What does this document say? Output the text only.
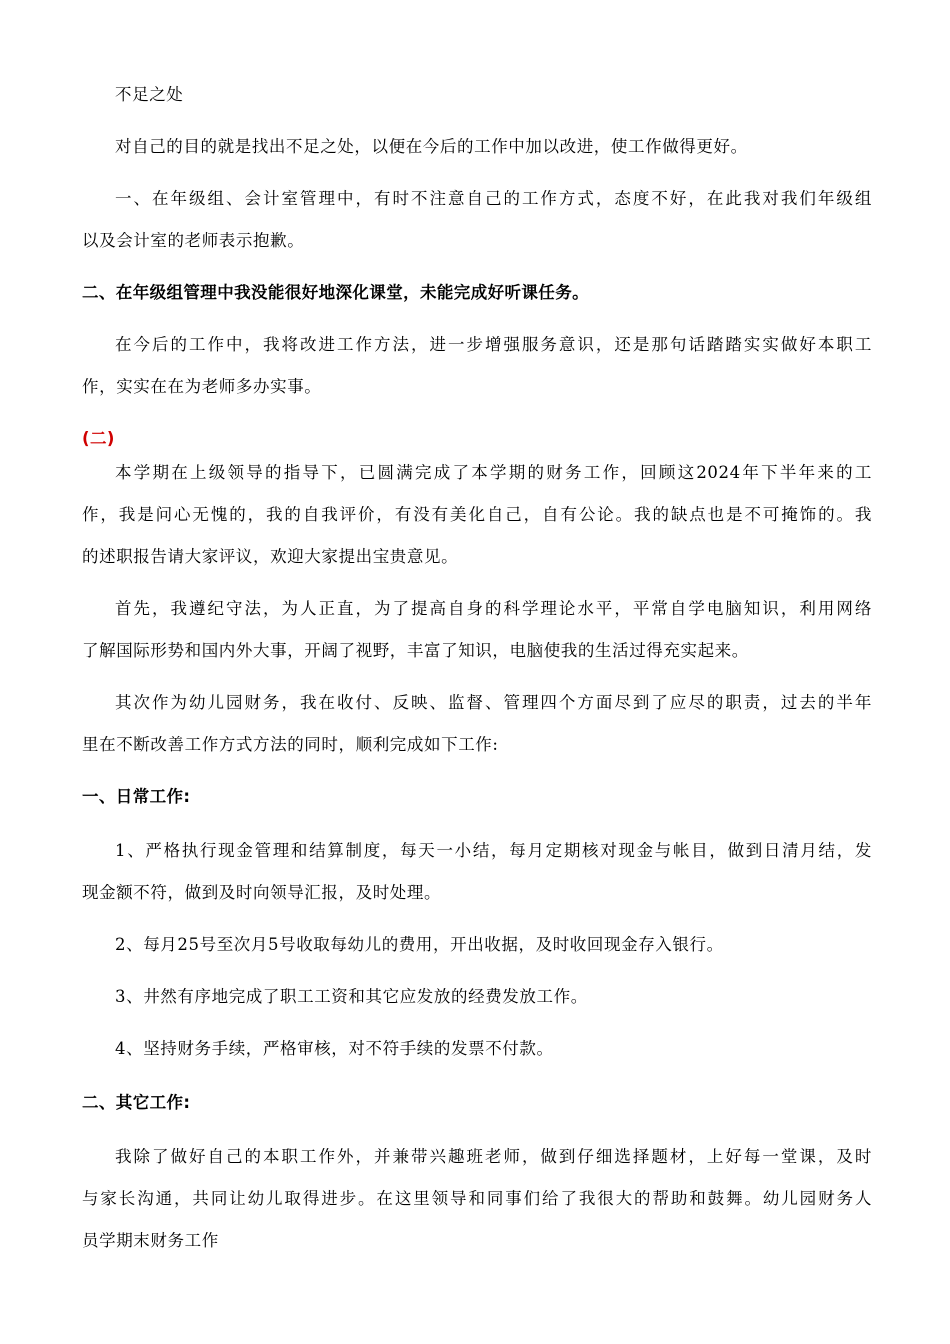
不足之处
对自己的目的就是找出不足之处，以便在今后的工作中加以改进，使工作做得更好。
一、在年级组、会计室管理中，有时不注意自己的工作方式，态度不好，在此我对我们年级组
以及会计室的老师表示抱歉。
二、在年级组管理中我没能很好地深化课堂，未能完成好听课任务。
在今后的工作中，我将改进工作方法，进一步增强服务意识，还是那句话踏踏实实做好本职工
作，实实在在为老师多办实事。
(二)
本学期在上级领导的指导下，已圆满完成了本学期的财务工作，回顾这2024年下半年来的工
作，我是问心无愧的，我的自我评价，有没有美化自己，自有公论。我的缺点也是不可掩饰的。我
的述职报告请大家评议，欢迎大家提出宝贵意见。
首先，我遵纪守法，为人正直，为了提高自身的科学理论水平，平常自学电脑知识，利用网络
了解国际形势和国内外大事，开阔了视野，丰富了知识，电脑使我的生活过得充实起来。
其次作为幼儿园财务，我在收付、反映、监督、管理四个方面尽到了应尽的职责，过去的半年
里在不断改善工作方式方法的同时，顺利完成如下工作:
一、日常工作:
1、严格执行现金管理和结算制度，每天一小结，每月定期核对现金与帐目，做到日清月结，发
现金额不符，做到及时向领导汇报，及时处理。
2、每月25号至次月5号收取每幼儿的费用，开出收据，及时收回现金存入银行。
3、井然有序地完成了职工工资和其它应发放的经费发放工作。
4、坚持财务手续，严格审核，对不符手续的发票不付款。
二、其它工作:
我除了做好自己的本职工作外，并兼带兴趣班老师，做到仔细选择题材，上好每一堂课，及时
与家长沟通，共同让幼儿取得进步。在这里领导和同事们给了我很大的帮助和鼓舞。幼儿园财务人
员学期末财务工作
